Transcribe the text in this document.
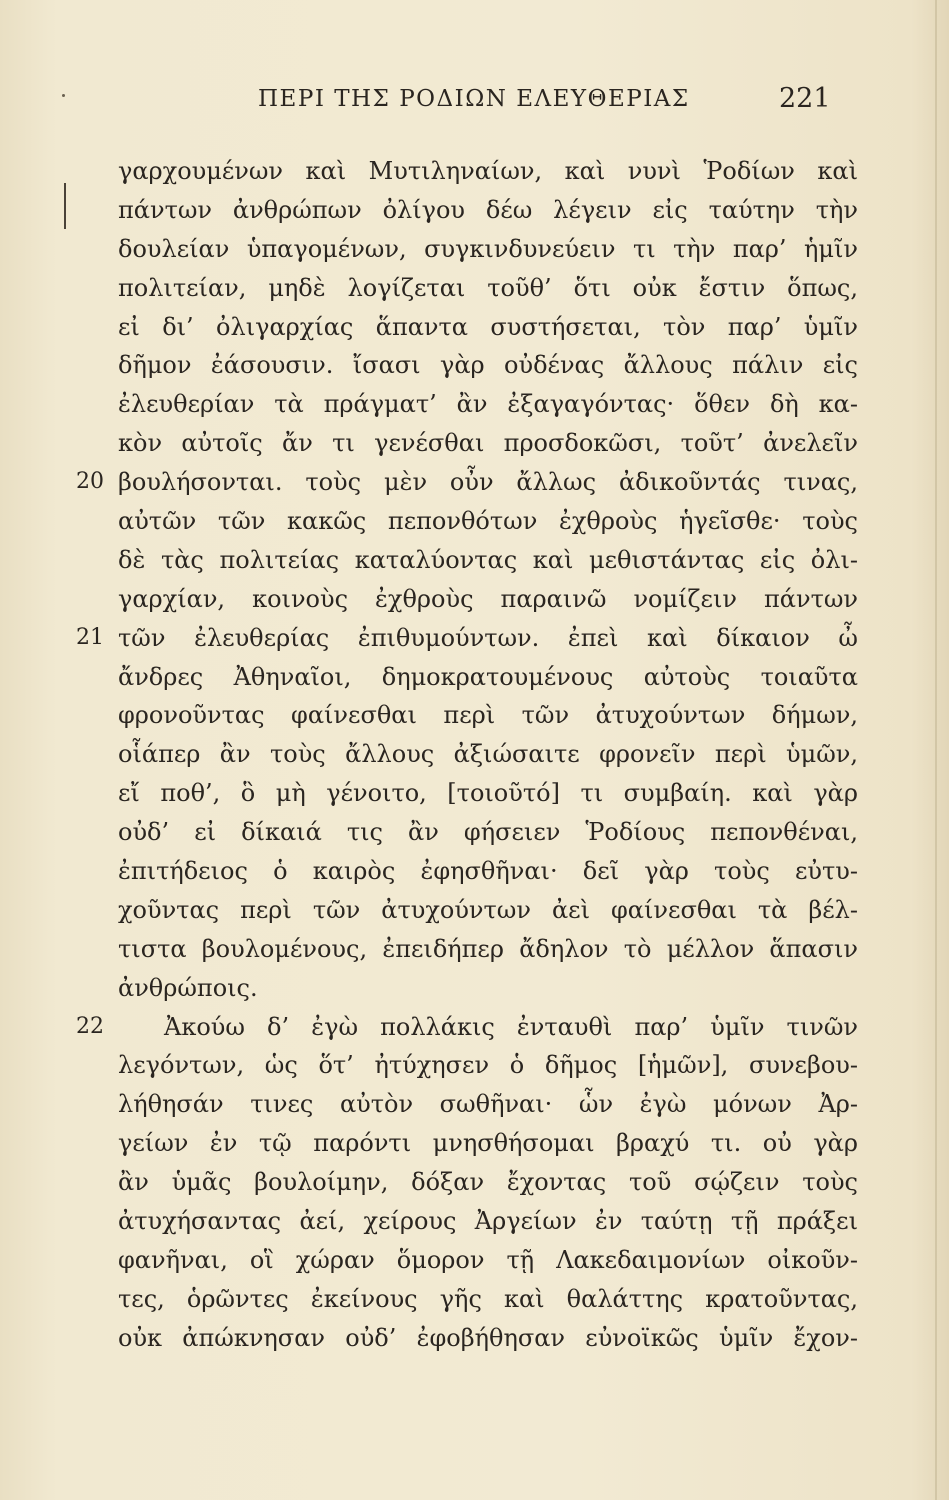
ΠΕΡΙ ΤΗΣ ΡΟΔΙΩΝ ΕΛΕΥΘΕΡΙΑΣ	221
γαρχουμένων καὶ Μυτιληναίων, καὶ νυνὶ Ῥοδίων καὶ
πάντων ἀνθρώπων ὀλίγου δέω λέγειν εἰς ταύτην τὴν
δουλείαν ὑπαγομένων, συγκινδυνεύειν τι τὴν παρ’ ἡμῖν
πολιτείαν, μηδὲ λογίζεται τοῦθ’ ὅτι οὐκ ἔστιν ὅπως,
εἰ δι’ ὀλιγαρχίας ἅπαντα συστήσεται, τὸν παρ’ ὑμῖν
δῆμον ἐάσουσιν. ἴσασι γὰρ οὐδένας ἄλλους πάλιν εἰς
ἐλευθερίαν τὰ πράγματ’ ἂν ἐξαγαγόντας· ὅθεν δὴ κα-
κὸν αὐτοῖς ἄν τι γενέσθαι προσδοκῶσι, τοῦτ’ ἀνελεῖν
20 βουλήσονται. τοὺς μὲν οὖν ἄλλως ἀδικοῦντάς τινας,
αὐτῶν τῶν κακῶς πεπονθότων ἐχθροὺς ἡγεῖσθε· τοὺς
δὲ τὰς πολιτείας καταλύοντας καὶ μεθιστάντας εἰς ὀλι-
γαρχίαν, κοινοὺς ἐχθροὺς παραινῶ νομίζειν πάντων
21 τῶν ἐλευθερίας ἐπιθυμούντων. ἐπεὶ καὶ δίκαιον ὦ
ἄνδρες Ἀθηναῖοι, δημοκρατουμένους αὐτοὺς τοιαῦτα
φρονοῦντας φαίνεσθαι περὶ τῶν ἀτυχούντων δήμων,
οἷάπερ ἂν τοὺς ἄλλους ἀξιώσαιτε φρονεῖν περὶ ὑμῶν,
εἴ ποθ’, ὃ μὴ γένοιτο, [τοιοῦτό] τι συμβαίη. καὶ γὰρ
οὐδ’ εἰ δίκαιά τις ἂν φήσειεν Ῥοδίους πεπονθέναι,
ἐπιτήδειος ὁ καιρὸς ἐφησθῆναι· δεῖ γὰρ τοὺς εὐτυ-
χοῦντας περὶ τῶν ἀτυχούντων ἀεὶ φαίνεσθαι τὰ βέλ-
τιστα βουλομένους, ἐπειδήπερ ἄδηλον τὸ μέλλον ἅπασιν
ἀνθρώποις.
22	Ἀκούω δ’ ἐγὼ πολλάκις ἐνταυθὶ παρ’ ὑμῖν τινῶν
λεγόντων, ὡς ὅτ’ ἠτύχησεν ὁ δῆμος [ἡμῶν], συνεβου-
λήθησάν τινες αὐτὸν σωθῆναι· ὧν ἐγὼ μόνων Ἀρ-
γείων ἐν τῷ παρόντι μνησθήσομαι βραχύ τι. οὐ γὰρ
ἂν ὑμᾶς βουλοίμην, δόξαν ἔχοντας τοῦ σῴζειν τοὺς
ἀτυχήσαντας ἀεί, χείρους Ἀργείων ἐν ταύτῃ τῇ πράξει
φανῆναι, οἳ χώραν ὅμορον τῇ Λακεδαιμονίων οἰκοῦν-
τες, ὁρῶντες ἐκείνους γῆς καὶ θαλάττης κρατοῦντας,
οὐκ ἀπώκνησαν οὐδ’ ἐφοβήθησαν εὐνοϊκῶς ὑμῖν ἔχον-
